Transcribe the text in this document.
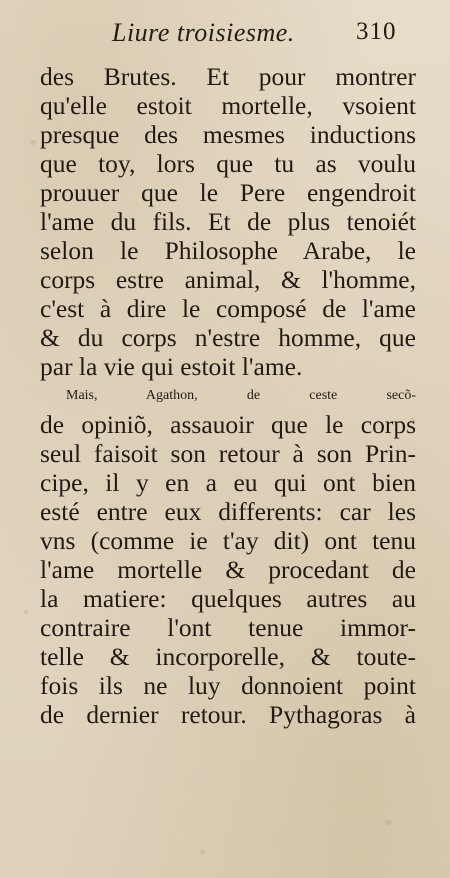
Liure troisiesme. 310
des Brutes. Et pour montrer
qu'elle estoit mortelle, vsoient
presque des mesmes inductions
que toy, lors que tu as voulu
prouuer que le Pere engendroit
l'ame du fils. Et de plus tenoiét
selon le Philosophe Arabe, le
corps estre animal, & l'homme,
c'est à dire le composé de l'ame
& du corps n'estre homme, que
par la vie qui estoit l'ame.
Mais, Agathon, de ceste secõ-
de opiniõ, assauoir que le corps
seul faisoit son retour à son Prin-
cipe, il y en a eu qui ont bien
esté entre eux differents: car les
vns (comme ie t'ay dit) ont tenu
l'ame mortelle & procedant de
la matiere: quelques autres au
contraire l'ont tenue immor-
telle & incorporelle, & toute-
fois ils ne luy donnoient point
de dernier retour. Pythagoras à
